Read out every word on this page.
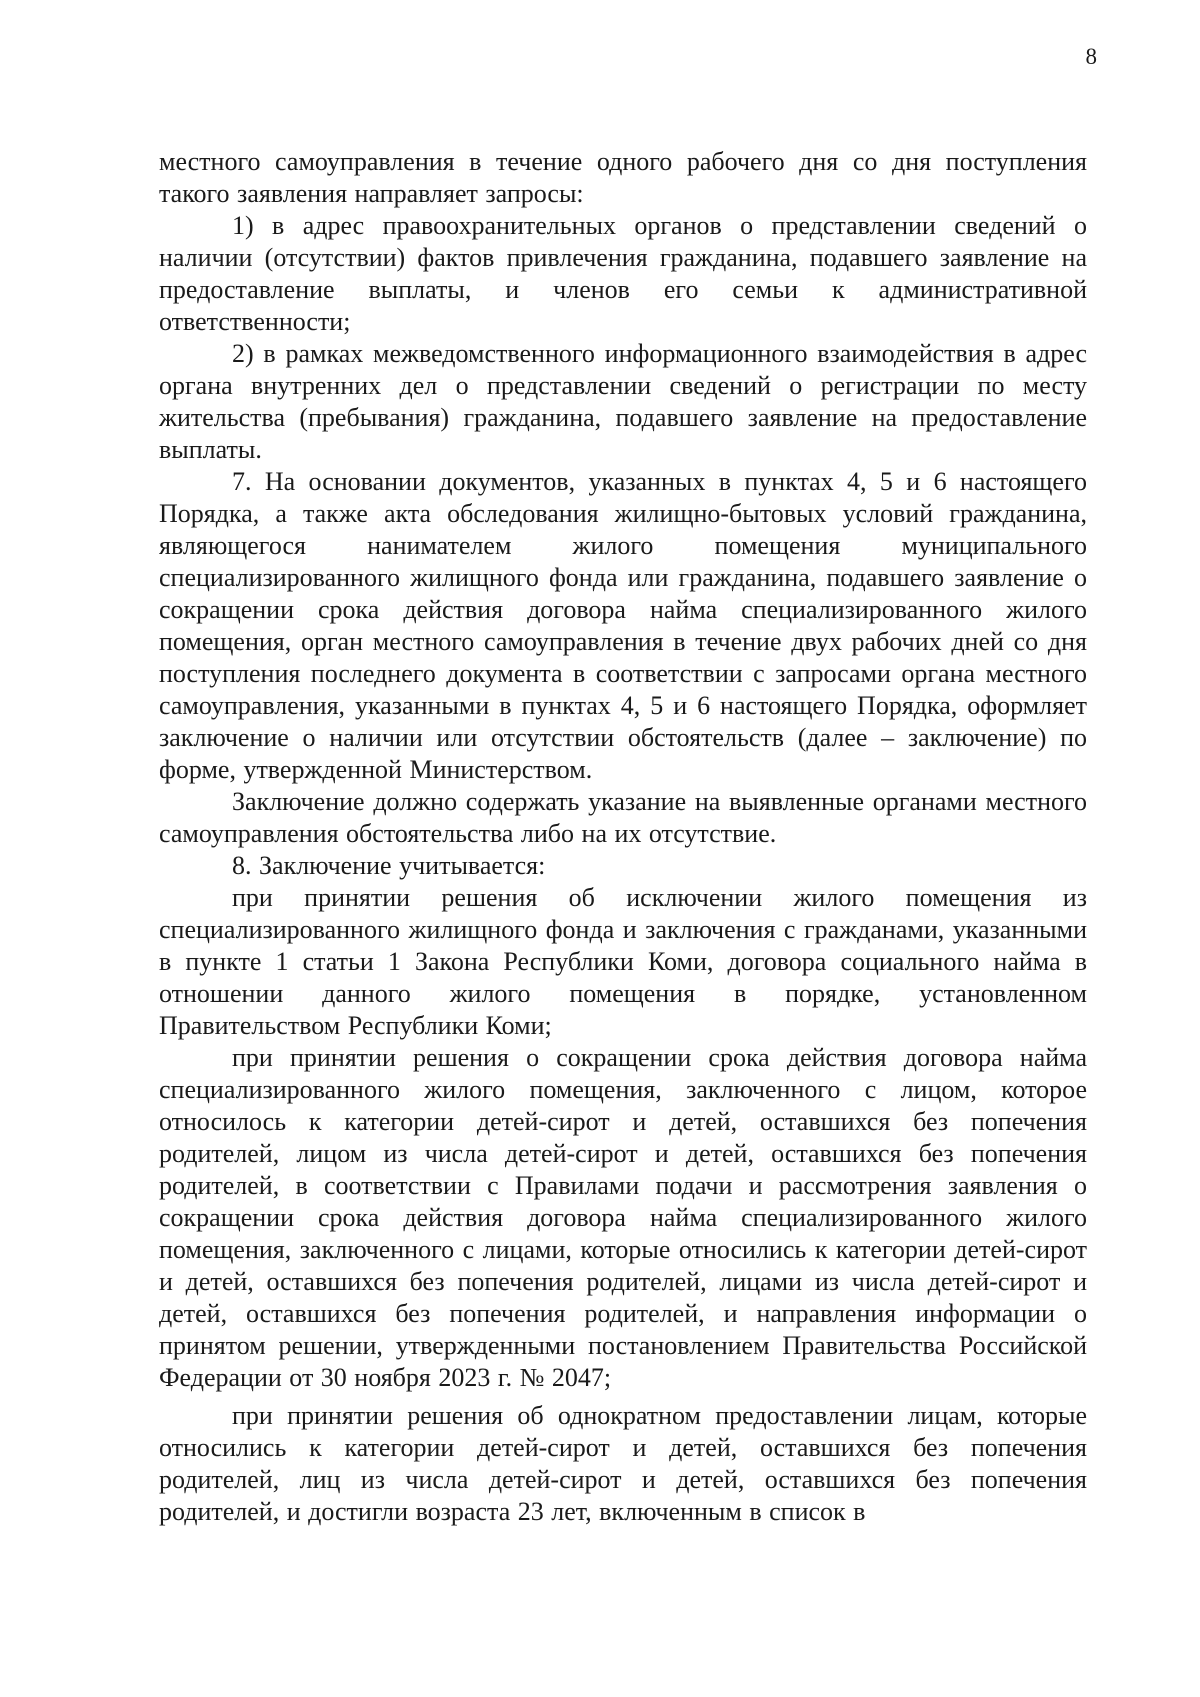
8

местного самоуправления в течение одного рабочего дня со дня поступления такого заявления направляет запросы:

1) в адрес правоохранительных органов о представлении сведений о наличии (отсутствии) фактов привлечения гражданина, подавшего заявление на предоставление выплаты, и членов его семьи к административной ответственности;

2) в рамках межведомственного информационного взаимодействия в адрес органа внутренних дел о представлении сведений о регистрации по месту жительства (пребывания) гражданина, подавшего заявление на предоставление выплаты.

7. На основании документов, указанных в пунктах 4, 5 и 6 настоящего Порядка, а также акта обследования жилищно-бытовых условий гражданина, являющегося нанимателем жилого помещения муниципального специализированного жилищного фонда или гражданина, подавшего заявление о сокращении срока действия договора найма специализированного жилого помещения, орган местного самоуправления в течение двух рабочих дней со дня поступления последнего документа в соответствии с запросами органа местного самоуправления, указанными в пунктах 4, 5 и 6 настоящего Порядка, оформляет заключение о наличии или отсутствии обстоятельств (далее – заключение) по форме, утвержденной Министерством.

Заключение должно содержать указание на выявленные органами местного самоуправления обстоятельства либо на их отсутствие.

8. Заключение учитывается:

при принятии решения об исключении жилого помещения из специализированного жилищного фонда и заключения с гражданами, указанными в пункте 1 статьи 1 Закона Республики Коми, договора социального найма в отношении данного жилого помещения в порядке, установленном Правительством Республики Коми;

при принятии решения о сокращении срока действия договора найма специализированного жилого помещения, заключенного с лицом, которое относилось к категории детей-сирот и детей, оставшихся без попечения родителей, лицом из числа детей-сирот и детей, оставшихся без попечения родителей, в соответствии с Правилами подачи и рассмотрения заявления о сокращении срока действия договора найма специализированного жилого помещения, заключенного с лицами, которые относились к категории детей-сирот и детей, оставшихся без попечения родителей, лицами из числа детей-сирот и детей, оставшихся без попечения родителей, и направления информации о принятом решении, утвержденными постановлением Правительства Российской Федерации от 30 ноября 2023 г. № 2047;

при принятии решения об однократном предоставлении лицам, которые относились к категории детей-сирот и детей, оставшихся без попечения родителей, лиц из числа детей-сирот и детей, оставшихся без попечения родителей, и достигли возраста 23 лет, включенным в список в
